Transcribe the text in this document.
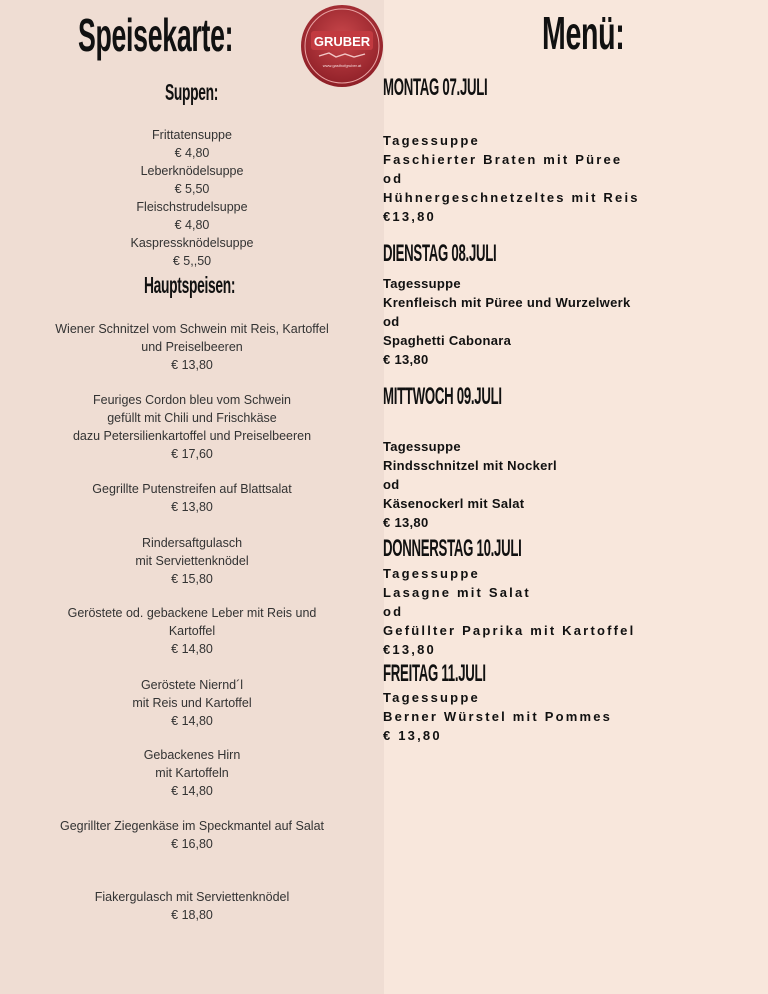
Speisekarte:	Menü:
GRUBER
www.gasthofgruber.at
Suppen:
Frittatensuppe
€ 4,80
Leberknödelsuppe
€ 5,50
Fleischstrudelsuppe
€ 4,80
Kaspressknödelsuppe
€ 5,,50
Hauptspeisen:
Wiener Schnitzel vom Schwein mit Reis, Kartoffel
und Preiselbeeren
€ 13,80
Feuriges Cordon bleu vom Schwein
gefüllt mit Chili und Frischkäse
dazu Petersilienkartoffel und Preiselbeeren
€ 17,60
Gegrillte Putenstreifen auf Blattsalat
€ 13,80
Rindersaftgulasch
mit Serviettenknödel
€ 15,80
Geröstete od. gebackene Leber mit Reis und
Kartoffel
€ 14,80
Geröstete Niernd´l
mit Reis und Kartoffel
€ 14,80
Gebackenes Hirn
mit Kartoffeln
€ 14,80
Gegrillter Ziegenkäse im Speckmantel auf Salat
€ 16,80
Fiakergulasch mit Serviettenknödel
€ 18,80
MONTAG 07.JULI
Tagessuppe
Faschierter Braten mit Püree
od
Hühnergeschnetzeltes mit Reis
€13,80
DIENSTAG 08.JULI
Tagessuppe
Krenfleisch mit Püree und Wurzelwerk
od
Spaghetti Cabonara
€ 13,80
MITTWOCH 09.JULI
Tagessuppe
Rindsschnitzel mit Nockerl
od
Käsenockerl mit Salat
€ 13,80
DONNERSTAG 10.JULI
Tagessuppe
Lasagne mit Salat
od
Gefüllter Paprika mit Kartoffel
€13,80
FREITAG 11.JULI
Tagessuppe
Berner Würstel mit Pommes
€ 13,80
